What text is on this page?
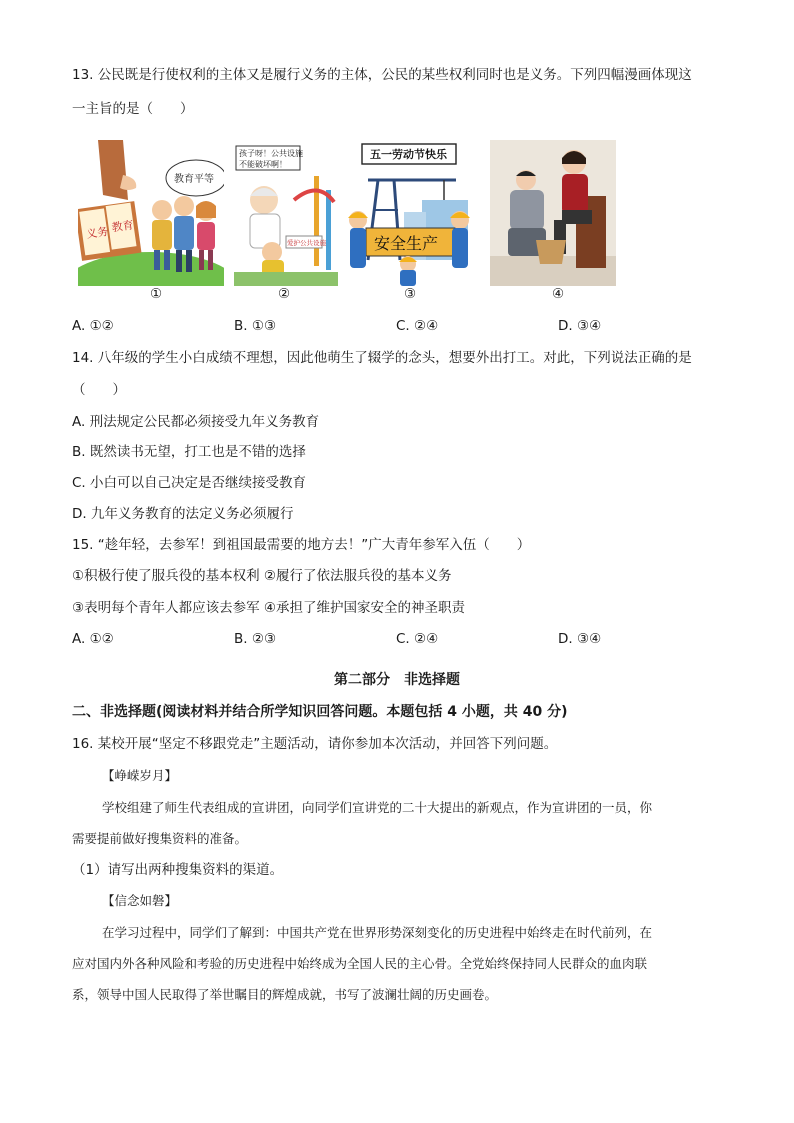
13. 公民既是行使权利的主体又是履行义务的主体，公民的某些权利同时也是义务。下列四幅漫画体现这
一主旨的是（　　）
义务 教育
教育平等
①
孩子呀！公共设施
不能破坏啊！
爱护公共设施
②
五一劳动节快乐
安全生产
③	④
A. ①②	B. ①③	C. ②④	D. ③④
14. 八年级的学生小白成绩不理想，因此他萌生了辍学的念头，想要外出打工。对此，下列说法正确的是
（　　）
A. 刑法规定公民都必须接受九年义务教育
B. 既然读书无望，打工也是不错的选择
C. 小白可以自己决定是否继续接受教育
D. 九年义务教育的法定义务必须履行
15. “趁年轻，去参军！到祖国最需要的地方去！”广大青年参军入伍（　　）
①积极行使了服兵役的基本权利 ②履行了依法服兵役的基本义务
③表明每个青年人都应该去参军 ④承担了维护国家安全的神圣职责
A. ①②	B. ②③	C. ②④	D. ③④
第二部分　非选择题
二、非选择题(阅读材料并结合所学知识回答问题。本题包括 4 小题，共 40 分)
16. 某校开展“坚定不移跟党走”主题活动，请你参加本次活动，并回答下列问题。
【峥嵘岁月】
学校组建了师生代表组成的宣讲团，向同学们宣讲党的二十大提出的新观点，作为宣讲团的一员，你
需要提前做好搜集资料的准备。
（1）请写出两种搜集资料的渠道。
【信念如磐】
在学习过程中，同学们了解到：中国共产党在世界形势深刻变化的历史进程中始终走在时代前列，在
应对国内外各种风险和考验的历史进程中始终成为全国人民的主心骨。全党始终保持同人民群众的血肉联
系，领导中国人民取得了举世瞩目的辉煌成就，书写了波澜壮阔的历史画卷。
